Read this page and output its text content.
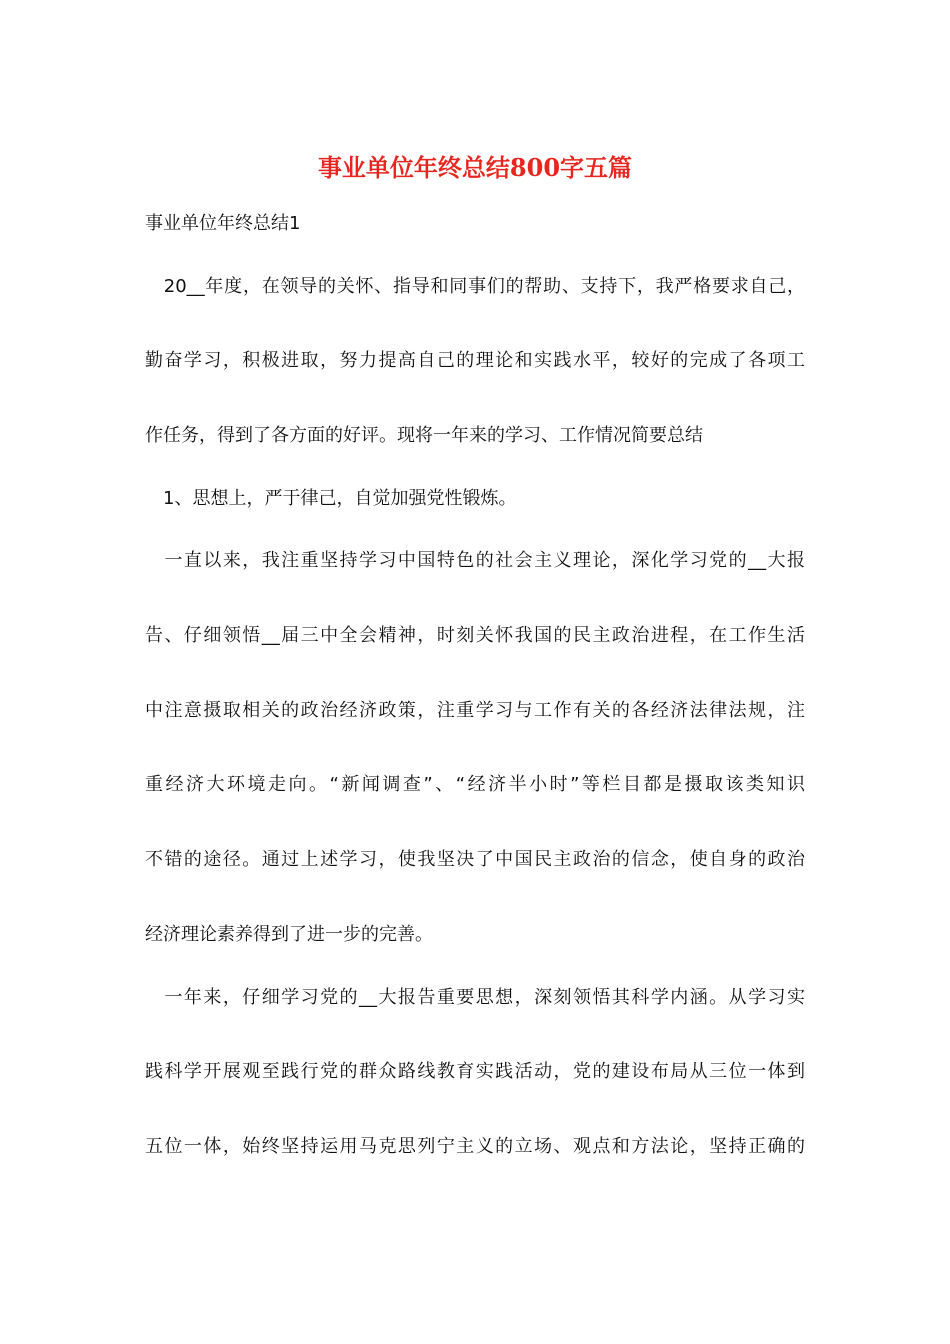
事业单位年终总结800字五篇

事业单位年终总结1

　20__年度，在领导的关怀、指导和同事们的帮助、支持下，我严格要求自己，

勤奋学习，积极进取，努力提高自己的理论和实践水平，较好的完成了各项工

作任务，得到了各方面的好评。现将一年来的学习、工作情况简要总结

　1、思想上，严于律己，自觉加强党性锻炼。

　一直以来，我注重坚持学习中国特色的社会主义理论，深化学习党的__大报

告、仔细领悟__届三中全会精神，时刻关怀我国的民主政治进程，在工作生活

中注意摄取相关的政治经济政策，注重学习与工作有关的各经济法律法规，注

重经济大环境走向。“新闻调查”、“经济半小时”等栏目都是摄取该类知识

不错的途径。通过上述学习，使我坚决了中国民主政治的信念，使自身的政治

经济理论素养得到了进一步的完善。

　一年来，仔细学习党的__大报告重要思想，深刻领悟其科学内涵。从学习实

践科学开展观至践行党的群众路线教育实践活动，党的建设布局从三位一体到

五位一体，始终坚持运用马克思列宁主义的立场、观点和方法论，坚持正确的
